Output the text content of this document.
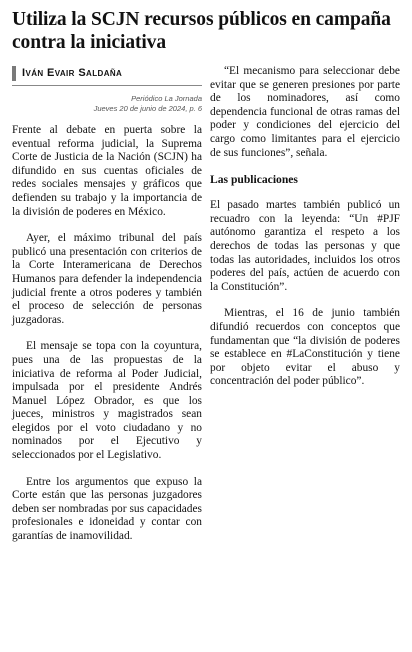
Utiliza la SCJN recursos públicos en campaña contra la iniciativa
Iván Evair Saldaña
Periódico La Jornada
Jueves 20 de junio de 2024, p. 6

Frente al debate en puerta sobre la eventual reforma judicial, la Suprema Corte de Justicia de la Nación (SCJN) ha difundido en sus cuentas oficiales de redes sociales mensajes y gráficos que defienden su trabajo y la importancia de la división de poderes en México.

Ayer, el máximo tribunal del país publicó una presentación con criterios de la Corte Interamericana de Derechos Humanos para defender la independencia judicial frente a otros poderes y también el proceso de selección de personas juzgadoras.

El mensaje se topa con la coyuntura, pues una de las propuestas de la iniciativa de reforma al Poder Judicial, impulsada por el presidente Andrés Manuel López Obrador, es que los jueces, ministros y magistrados sean elegidos por el voto ciudadano y no nominados por el Ejecutivo y seleccionados por el Legislativo.

Entre los argumentos que expuso la Corte están que las personas juzgadores deben ser nombradas por sus capacidades profesionales e idoneidad y contar con garantías de inamovilidad.

“El mecanismo para seleccionar debe evitar que se generen presiones por parte de los nominadores, así como dependencia funcional de otras ramas del poder y condiciones del ejercicio del cargo como limitantes para el ejercicio de sus funciones”, señala.

Las publicaciones

El pasado martes también publicó un recuadro con la leyenda: “Un #PJF autónomo garantiza el respeto a los derechos de todas las personas y que todas las autoridades, incluidos los otros poderes del país, actúen de acuerdo con la Constitución”.

Mientras, el 16 de junio también difundió recuerdos con conceptos que fundamentan que “la división de poderes se establece en #LaConstitución y tiene por objeto evitar el abuso y concentración del poder público”.
